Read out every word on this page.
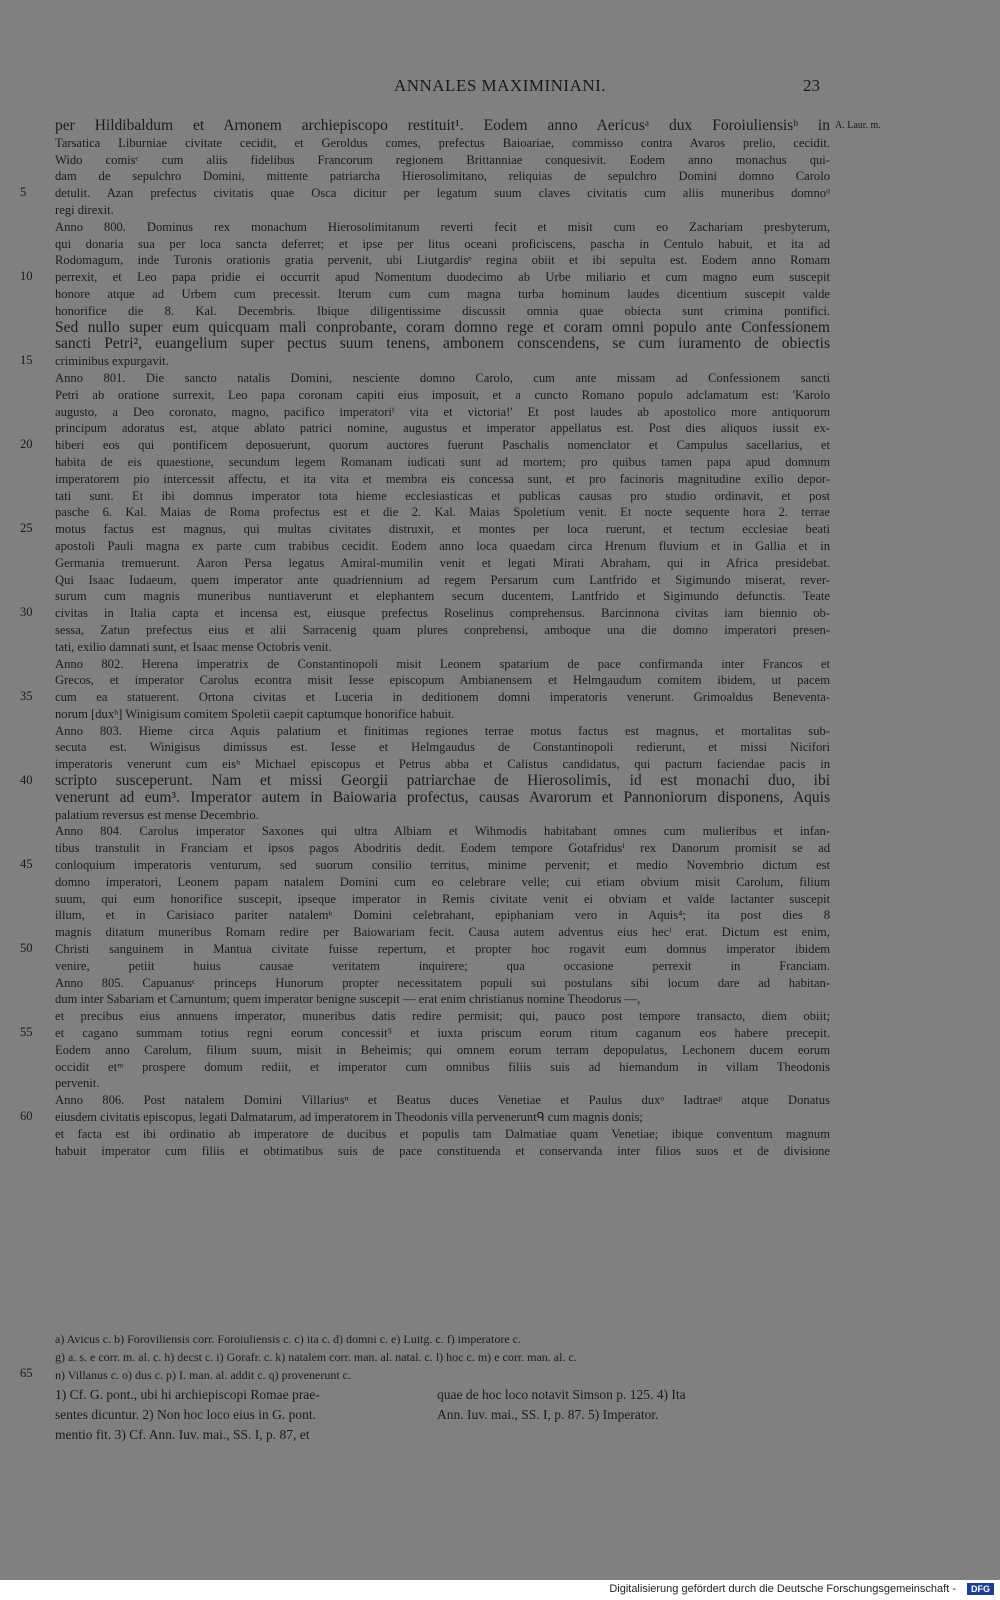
ANNALES MAXIMINIANI.	23
A. Laur. m.
per Hildibaldum et Arnonem archiepiscopo restituit¹. Eodem anno Aericusᵃ dux Foroiuliensisᵇ in
Tarsatica Liburniae civitate cecidit, et Geroldus comes, prefectus Baioariae, commisso contra Avaros prelio, cecidit.
Wido comisᶜ cum aliis fidelibus Francorum regionem Brittanniae conquesivit. Eodem anno monachus qui-
dam de sepulchro Domini, mittente patriarcha Hierosolimitano, reliquias de sepulchro Domini domno Carolo
detulit. Azan prefectus civitatis quae Osca dicitur per legatum suum claves civitatis cum aliis muneribus domnoᵈ
regi direxit.
Anno 800. Dominus rex monachum Hierosolimitanum reverti fecit et misit cum eo Zachariam presbyterum,
qui donaria sua per loca sancta deferret; et ipse per litus oceani proficiscens, pascha in Centulo habuit, et ita ad
Rodomagum, inde Turonis orationis gratia pervenit, ubi Liutgardisᵉ regina obiit et ibi sepulta est. Eodem anno Romam
perrexit, et Leo papa pridie ei occurrit apud Nomentum duodecimo ab Urbe miliario et cum magno eum suscepit
honore atque ad Urbem cum precessit. Iterum cum cum magna turba hominum laudes dicentium suscepit valde
honorifice die 8. Kal. Decembris. Ibique diligentissime discussit omnia quae obiecta sunt crimina pontifici.
Sed nullo super eum quicquam mali conprobante, coram domno rege et coram omni populo ante Confessionem
sancti Petri², euangelium super pectus suum tenens, ambonem conscendens, se cum iuramento de obiectis
criminibus expurgavit.
Anno 801. Die sancto natalis Domini, nesciente domno Carolo, cum ante missam ad Confessionem sancti
Petri ab oratione surrexit, Leo papa coronam capiti eius imposuit, et a cuncto Romano populo adclamatum est: 'Karolo
augusto, a Deo coronato, magno, pacifico imperatoriᶠ vita et victoria!' Et post laudes ab apostolico more antiquorum
principum adoratus est, atque ablato patrici nomine, augustus et imperator appellatus est. Post dies aliquos iussit ex-
hiberi eos qui pontificem deposuerunt, quorum auctores fuerunt Paschalis nomenclator et Campulus sacellarius, et
habita de eis quaestione, secundum legem Romanam iudicati sunt ad mortem; pro quibus tamen papa apud domnum
imperatorem pio intercessit affectu, et ita vita et membra eis concessa sunt, et pro facinoris magnitudine exilio depor-
tati sunt. Et ibi domnus imperator tota hieme ecclesiasticas et publicas causas pro studio ordinavit, et post
pasche 6. Kal. Maias de Roma profectus est et die 2. Kal. Maias Spoletium venit. Et nocte sequente hora 2. terrae
motus factus est magnus, qui multas civitates distruxit, et montes per loca ruerunt, et tectum ecclesiae beati
apostoli Pauli magna ex parte cum trabibus cecidit. Eodem anno loca quaedam circa Hrenum fluvium et in Gallia et in
Germania tremuerunt. Aaron Persa legatus Amiral-mumilin venit et legati Mirati Abraham, qui in Africa presidebat.
Qui Isaac Iudaeum, quem imperator ante quadriennium ad regem Persarum cum Lantfrido et Sigimundo miserat, rever-
surum cum magnis muneribus nuntiaverunt et elephantem secum ducentem, Lantfrido et Sigimundo defunctis. Teate
civitas in Italia capta et incensa est, eiusque prefectus Roselinus comprehensus. Barcinnona civitas iam biennio ob-
sessa, Zatun prefectus eius et alii Sarracenig quam plures conprehensi, amboque una die domno imperatori presen-
tati, exilio damnati sunt, et Isaac mense Octobris venit.
Anno 802. Herena imperatrix de Constantinopoli misit Leonem spatarium de pace confirmanda inter Francos et
Grecos, et imperator Carolus econtra misit Iesse episcopum Ambianensem et Helmgaudum comitem ibidem, ut pacem
cum ea statuerent. Ortona civitas et Luceria in deditionem domni imperatoris venerunt. Grimoaldus Beneventa-
norum [duxʰ] Winigisum comitem Spoletii caepit captumque honorifice habuit.
Anno 803. Hieme circa Aquis palatium et finitimas regiones terrae motus factus est magnus, et mortalitas sub-
secuta est. Winigisus dimissus est. Iesse et Helmgaudus de Constantinopoli redierunt, et missi Nicifori
imperatoris venerunt cum eisʰ Michael episcopus et Petrus abba et Calistus candidatus, qui pactum faciendae pacis in
scripto susceperunt. Nam et missi Georgii patriarchae de Hierosolimis, id est monachi duo, ibi
venerunt ad eum³. Imperator autem in Baiowaria profectus, causas Avarorum et Pannoniorum disponens, Aquis
palatium reversus est mense Decembrio.
Anno 804. Carolus imperator Saxones qui ultra Albiam et Wihmodis habitabant omnes cum mulieribus et infan-
tibus transtulit in Franciam et ipsos pagos Abodritis dedit. Eodem tempore Gotafridusⁱ rex Danorum promisit se ad
conloquium imperatoris venturum, sed suorum consilio territus, minime pervenit; et medio Novembrio dictum est
domno imperatori, Leonem papam natalem Domini cum eo celebrare velle; cui etiam obvium misit Carolum, filium
suum, qui eum honorifice suscepit, ipseque imperator in Remis civitate venit ei obviam et valde lactanter suscepit
illum, et in Carisiaco pariter natalemᵏ Domini celebrahant, epiphaniam vero in Aquis⁴; ita post dies 8
magnis ditatum muneribus Romam redire per Baiowariam fecit. Causa autem adventus eius hecˡ erat. Dictum est enim,
Christi sanguinem in Mantua civitate fuisse repertum, et propter hoc rogavit eum domnus imperator ibidem
venire, petiit huius causae veritatem inquirere; qua occasione perrexit in Franciam.
Anno 805. Capuanusᶜ princeps Hunorum propter necessitatem populi sui postulans sibi locum dare ad habitan-
dum inter Sabariam et Carnuntum; quem imperator benigne suscepit — erat enim christianus nomine Theodorus —,
et precibus eius annuens imperator, muneribus datis redire permisit; qui, pauco post tempore transacto, diem obiit;
et cagano summam totius regni eorum concessit⁵ et iuxta priscum eorum ritum caganum eos habere precepit.
Eodem anno Carolum, filium suum, misit in Beheimis; qui omnem eorum terram depopulatus, Lechonem ducem eorum
occidit etᵐ prospere domum rediit, et imperator cum omnibus filiis suis ad hiemandum in villam Theodonis
pervenit.
Anno 806. Post natalem Domini Villariusⁿ et Beatus duces Venetiae et Paulus duxᵒ Iadtraeᵖ atque Donatus
eiusdem civitatis episcopus, legati Dalmatarum, ad imperatorem in Theodonis villa perveneruntᑫ cum magnis donis;
et facta est ibi ordinatio ab imperatore de ducibus et populis tam Dalmatiae quam Venetiae; ibique conventum magnum
habuit imperator cum filiis et obtimatibus suis de pace constituenda et conservanda inter filios suos et de divisione
5
10
15
20
25
30
35
40
45
50
55
60
65
a) Avicus c. b) Foroviliensis corr. Foroiuliensis c. c) ita c. d) domni c. e) Luitg. c. f) imperatore c.
g) a. s. e corr. m. al. c. h) decst c. i) Gorafr. c. k) natalem corr. man. al. natal. c. l) hoc c. m) e corr. man. al. c.
n) Villanus c. o) dus c. p) I. man. al. addit c. q) provenerunt c.
1) Cf. G. pont., ubi hi archiepiscopi Romae prae-
sentes dicuntur. 2) Non hoc loco eius in G. pont.
mentio fit. 3) Cf. Ann. Iuv. mai., SS. I, p. 87, et
quae de hoc loco notavit Simson p. 125. 4) Ita
Ann. Iuv. mai., SS. I, p. 87. 5) Imperator.
Digitalisierung gefördert durch die Deutsche Forschungsgemeinschaft -	DFG
